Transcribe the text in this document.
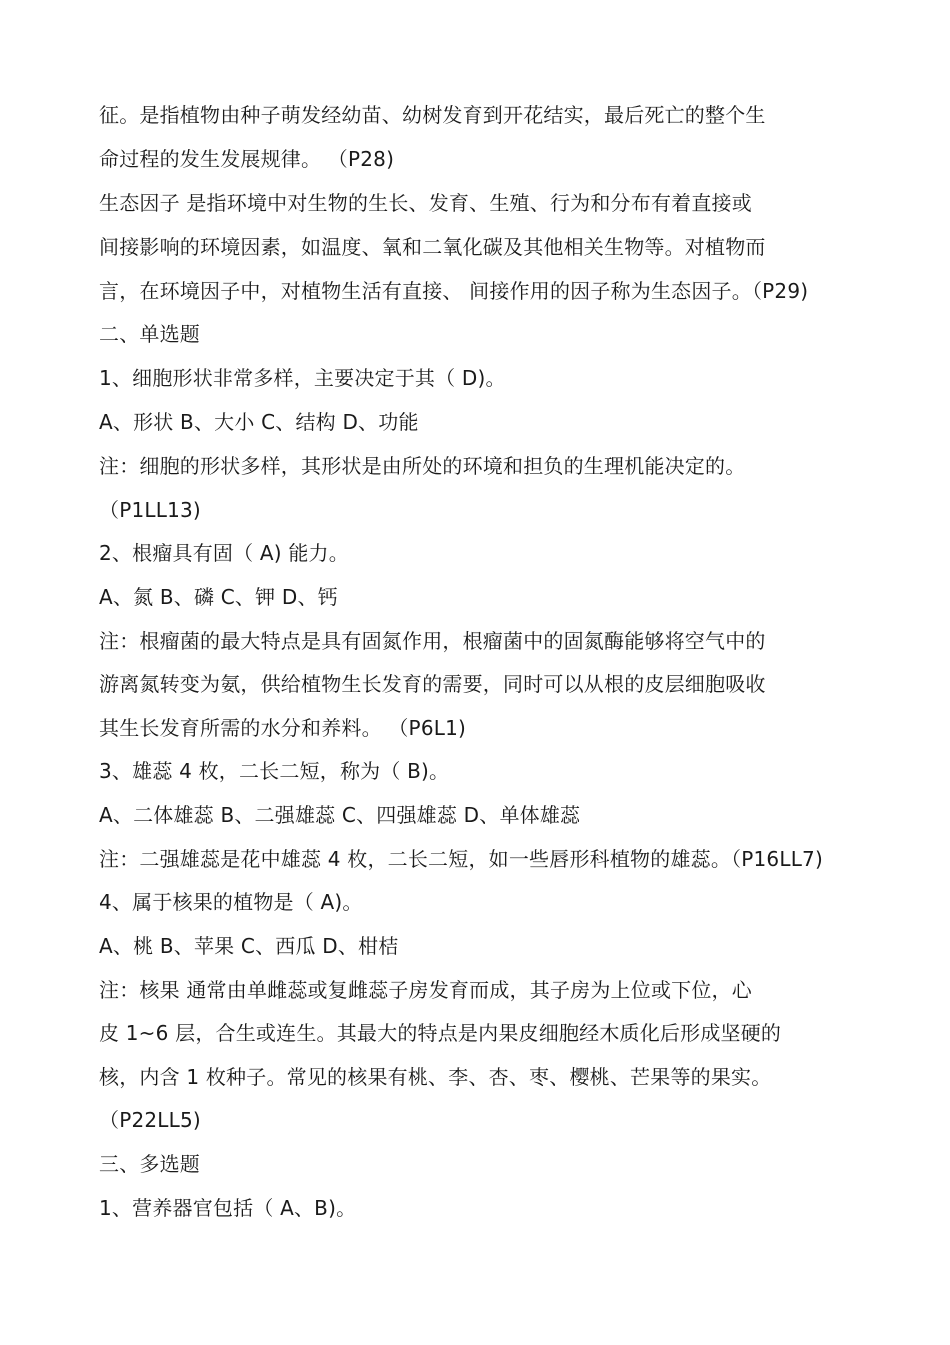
征。是指植物由种子萌发经幼苗、幼树发育到开花结实，最后死亡的整个生
命过程的发生发展规律。 （P28)
生态因子 是指环境中对生物的生长、发育、生殖、行为和分布有着直接或
间接影响的环境因素，如温度、氧和二氧化碳及其他相关生物等。对植物而
言，在环境因子中，对植物生活有直接、 间接作用的因子称为生态因子。（P29)
二、单选题
1、细胞形状非常多样，主要决定于其（ D)。
A、形状 B、大小 C、结构 D、功能
注：细胞的形状多样，其形状是由所处的环境和担负的生理机能决定的。
（P1LL13)
2、根瘤具有固（ A) 能力。
A、氮 B、磷 C、钾 D、钙
注：根瘤菌的最大特点是具有固氮作用，根瘤菌中的固氮酶能够将空气中的
游离氮转变为氨，供给植物生长发育的需要，同时可以从根的皮层细胞吸收
其生长发育所需的水分和养料。 （P6L1)
3、雄蕊 4 枚，二长二短，称为（ B)。
A、二体雄蕊 B、二强雄蕊 C、四强雄蕊 D、单体雄蕊
注：二强雄蕊是花中雄蕊 4 枚，二长二短，如一些唇形科植物的雄蕊。（P16LL7)
4、属于核果的植物是（ A)。
A、桃 B、苹果 C、西瓜 D、柑桔
注：核果 通常由单雌蕊或复雌蕊子房发育而成，其子房为上位或下位，心
皮 1~6 层，合生或连生。其最大的特点是内果皮细胞经木质化后形成坚硬的
核，内含 1 枚种子。常见的核果有桃、李、杏、枣、樱桃、芒果等的果实。
（P22LL5)
三、多选题
1、营养器官包括（ A、B)。
